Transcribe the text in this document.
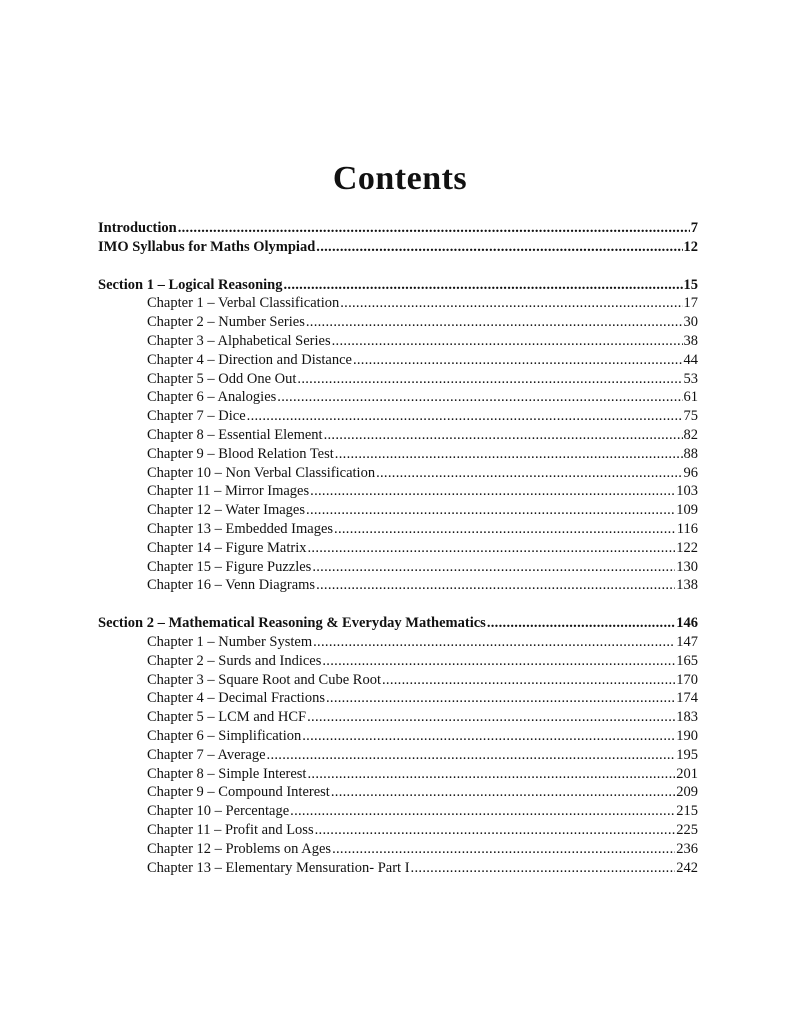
Contents
Introduction .....	7
IMO Syllabus for Maths Olympiad .....	12
Section 1 – Logical Reasoning .....	15
Chapter 1 – Verbal Classification .....	17
Chapter 2 – Number Series .....	30
Chapter 3 – Alphabetical Series .....	38
Chapter 4 – Direction and Distance .....	44
Chapter 5 – Odd One Out .....	53
Chapter 6 – Analogies .....	61
Chapter 7 – Dice .....	75
Chapter 8 – Essential Element .....	82
Chapter 9 – Blood Relation Test .....	88
Chapter 10 – Non Verbal Classification .....	96
Chapter 11 – Mirror Images .....	103
Chapter 12 – Water Images .....	109
Chapter 13 – Embedded Images .....	116
Chapter 14 – Figure Matrix .....	122
Chapter 15 – Figure Puzzles .....	130
Chapter 16 – Venn Diagrams .....	138
Section 2 – Mathematical Reasoning & Everyday Mathematics .....	146
Chapter 1 – Number System .....	147
Chapter 2 – Surds and Indices .....	165
Chapter 3 – Square Root and Cube Root .....	170
Chapter 4 – Decimal Fractions .....	174
Chapter 5 – LCM and HCF .....	183
Chapter 6 – Simplification .....	190
Chapter 7 – Average .....	195
Chapter 8 – Simple Interest .....	201
Chapter 9 – Compound Interest .....	209
Chapter 10 – Percentage .....	215
Chapter 11 – Profit and Loss .....	225
Chapter 12 – Problems on Ages .....	236
Chapter 13 – Elementary Mensuration- Part I .....	242
